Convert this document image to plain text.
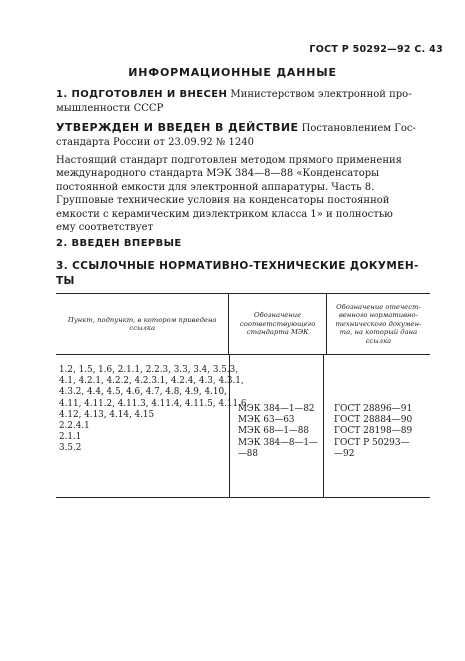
ГОСТ Р 50292—92 С. 43
ИНФОРМАЦИОННЫЕ ДАННЫЕ
1. ПОДГОТОВЛЕН И ВНЕСЕН Министерством электронной про-
мышленности СССР
УТВЕРЖДЕН И ВВЕДЕН В ДЕЙСТВИЕ Постановлением Гос-
стандарта России от 23.09.92 № 1240
Настоящий стандарт подготовлен методом прямого применения
международного стандарта МЭК 384—8—88 «Конденсаторы
постоянной емкости для электронной аппаратуры. Часть 8.
Групповые технические условия на конденсаторы постоянной
емкости с керамическим диэлектриком класса 1» и полностью
ему соответствует
2. ВВЕДЕН ВПЕРВЫЕ
3. ССЫЛОЧНЫЕ НОРМАТИВНО-ТЕХНИЧЕСКИЕ ДОКУМЕН-
ТЫ
Пункт, подпункт, в котором приведена ссылка
Обозначение соответствующего стандарта МЭК
Обозначение отечест-венного нормативно-технического докумен-та, на который дана ссылка
1.2, 1.5, 1.6, 2.1.1, 2.2.3, 3.3, 3.4, 3.5.3,
4.1, 4.2.1, 4.2.2, 4.2.3.1, 4.2.4, 4.3, 4.3.1,
4.3.2, 4.4, 4.5, 4.6, 4.7, 4.8, 4.9, 4.10,
4.11, 4.11.2, 4.11.3, 4.11.4, 4.11.5, 4.11.6,
4.12, 4.13, 4.14, 4.15
2.2.4.1
2.1.1
3.5.2
МЭК 384—1—82
МЭК 63—63
МЭК 68—1—88
МЭК 384—8—1—
—88
ГОСТ 28896—91
ГОСТ 28884—90
ГОСТ 28198—89
ГОСТ Р 50293—
—92
